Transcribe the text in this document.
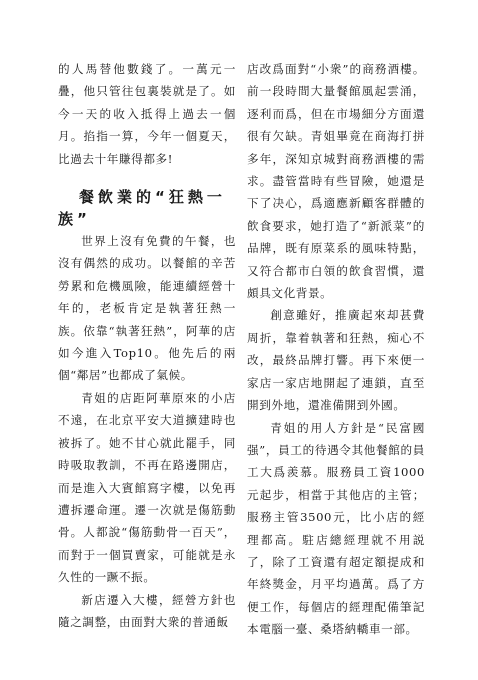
的人馬替他數錢了。一萬元一疊，他只管往包裏裝就是了。如今一天的收入抵得上過去一個月。掐指一算，今年一個夏天，比過去十年賺得都多!

餐飲業的“狂熱一族”

世界上沒有免費的午餐，也沒有偶然的成功。以餐館的辛苦勞累和危機風險，能連續經營十年的，老板肯定是執著狂熱一族。依靠“執著狂熱”，阿華的店如今進入Top10。他先后的兩個“鄰居”也都成了氣候。

青姐的店距阿華原來的小店不遠，在北京平安大道擴建時也被拆了。她不甘心就此罷手，同時吸取教訓，不再在路邊開店，而是進入大賓館寫字樓，以免再遭拆遷命運。遷一次就是傷筋動骨。人都說“傷筋動骨一百天”，而對于一個買賣家，可能就是永久性的一蹶不振。

新店遷入大樓，經營方針也隨之調整，由面對大衆的普通飯

店改爲面對“小衆”的商務酒樓。前一段時間大量餐館風起雲涌，逐利而爲，但在市場細分方面還很有欠缺。青姐畢竟在商海打拼多年，深知京城對商務酒樓的需求。盡管當時有些冒險，她還是下了决心，爲適應新顧客群體的飲食要求，她打造了“新派菜”的品牌，既有原菜系的風味特點，又符合都市白領的飲食習慣，還頗具文化背景。

創意雖好，推廣起來却甚費周折，靠着執著和狂熱，痴心不改，最終品牌打響。再下來便一家店一家店地開起了連鎖，直至開到外地，還准備開到外國。

青姐的用人方針是“民富國强”，員工的待遇令其他餐館的員工大爲羨慕。服務員工資1000元起步，相當于其他店的主管；服務主管3500元，比小店的經理都高。駐店總經理就不用説了，除了工資還有超定額提成和年終獎金，月平均過萬。爲了方便工作，每個店的經理配備筆記本電腦一臺、桑塔納轎車一部。
